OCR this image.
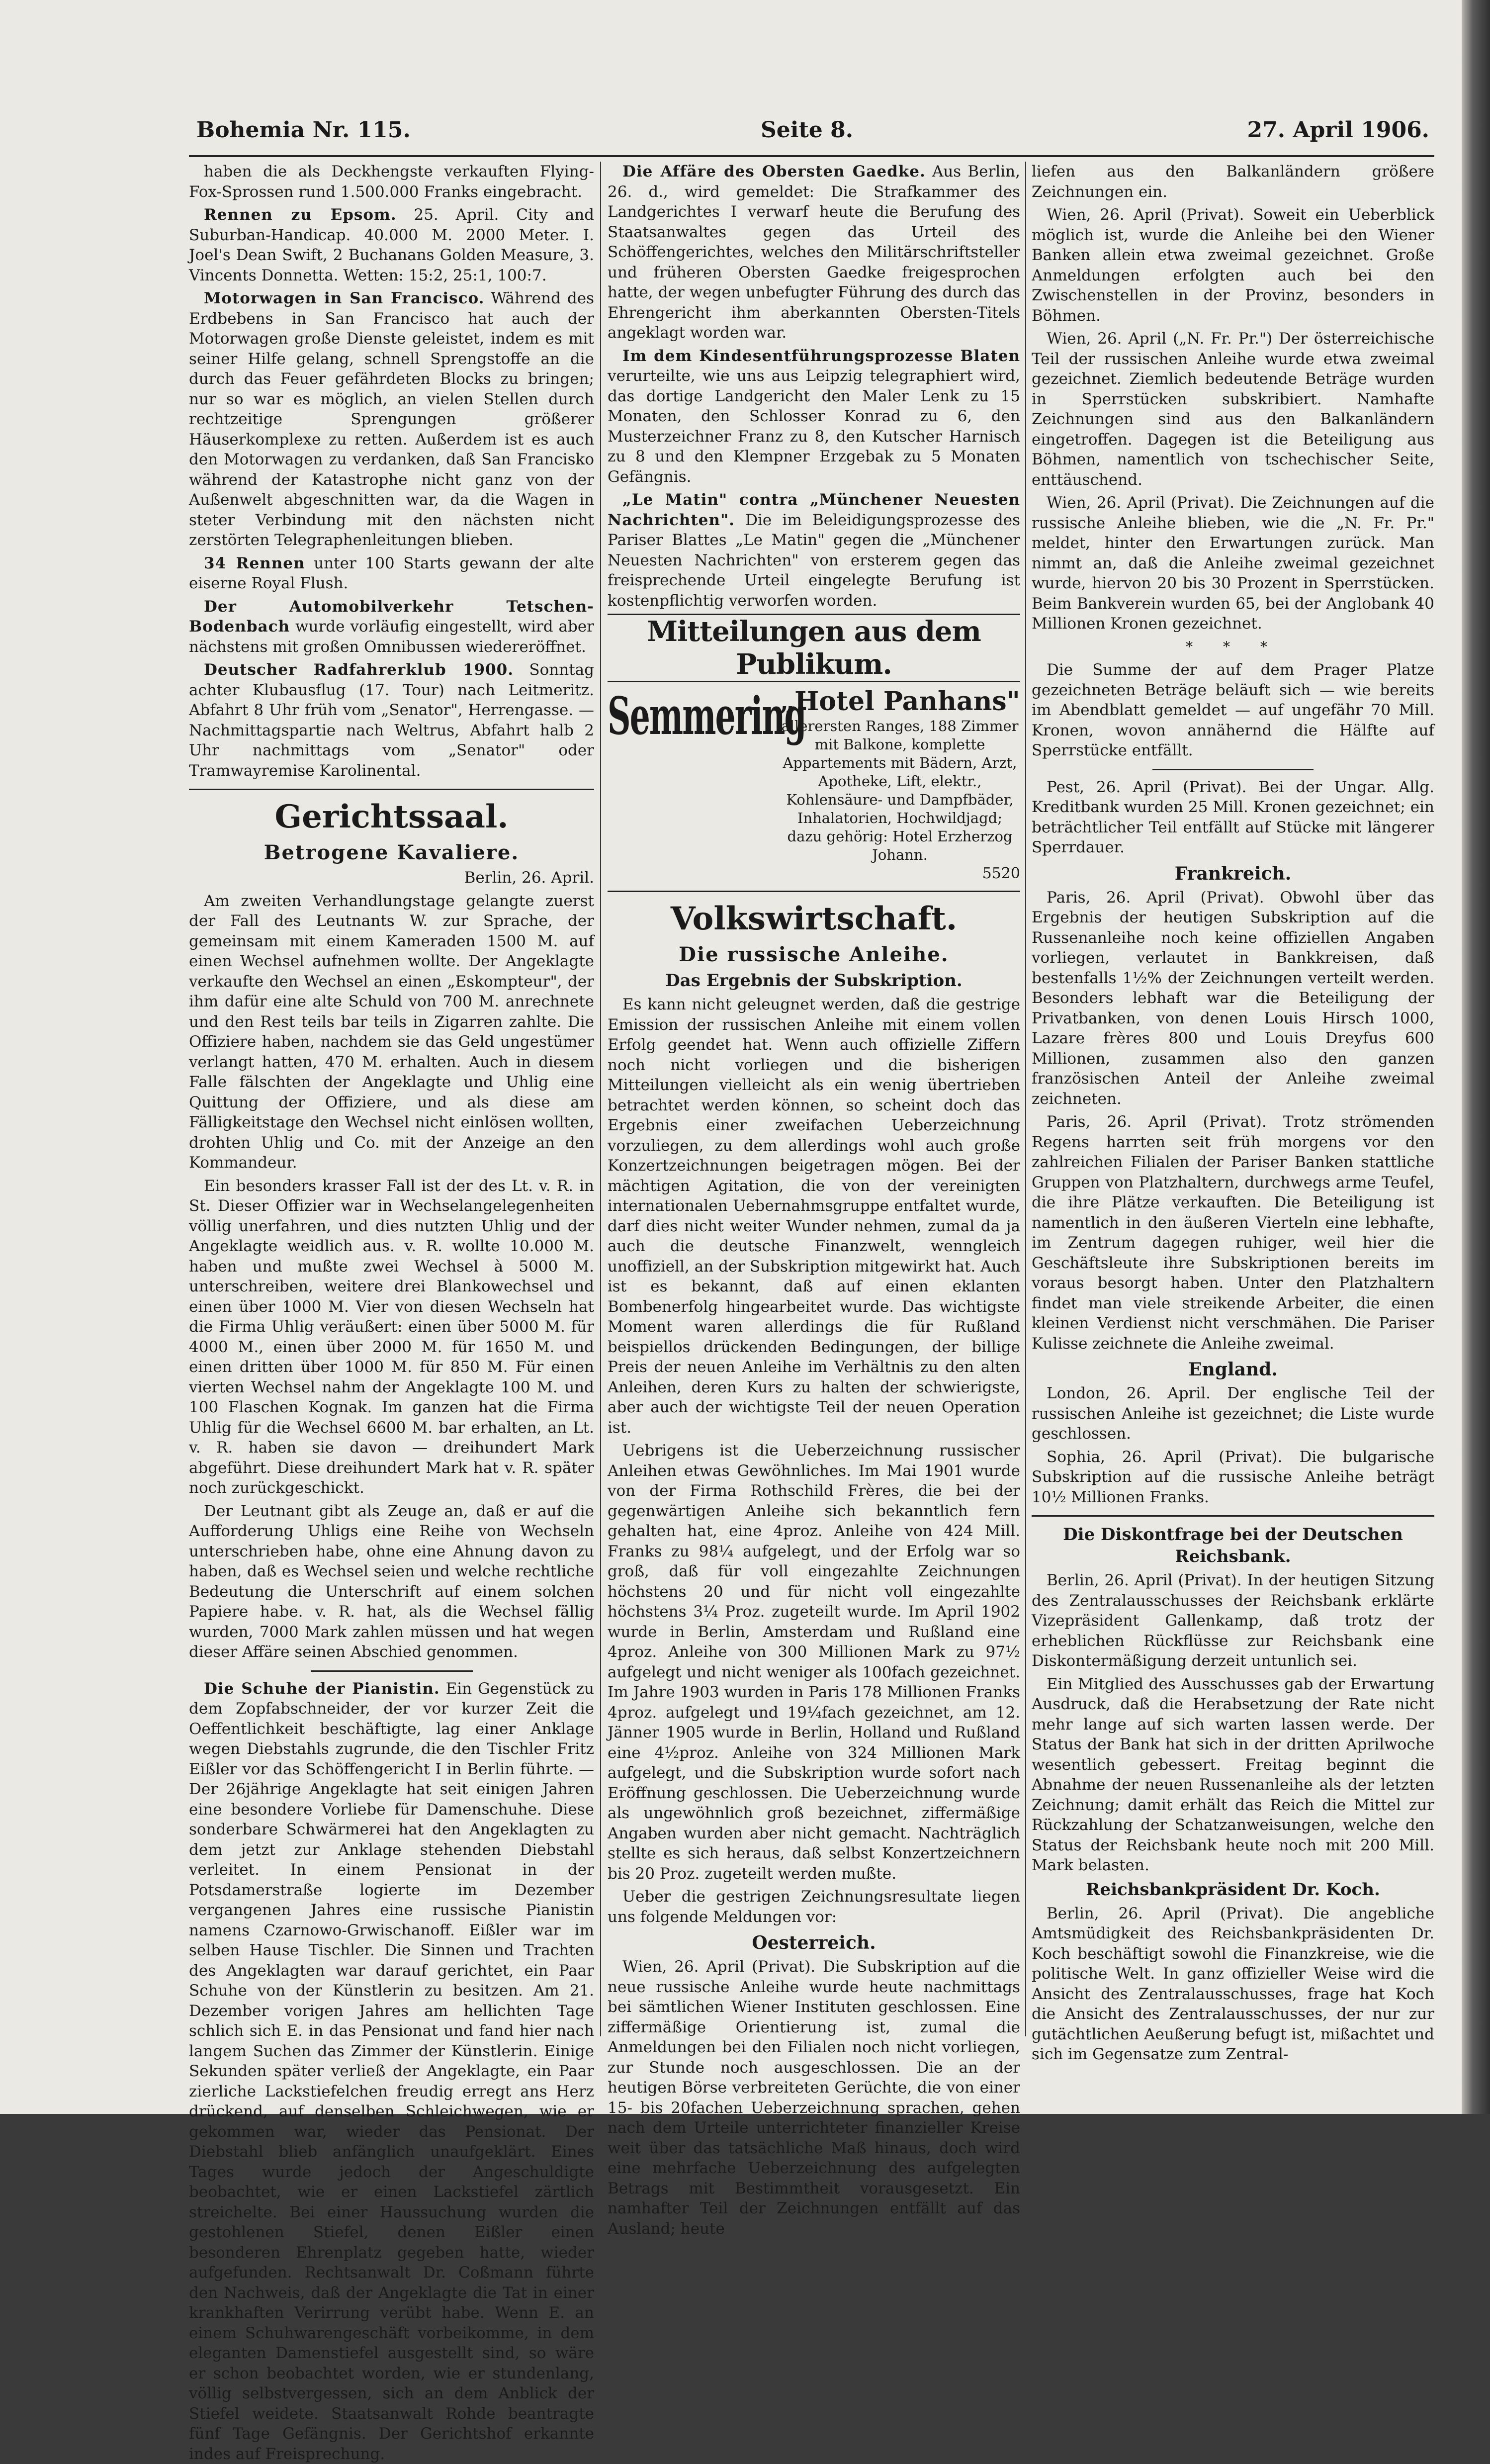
Bohemia Nr. 115.	Seite 8.	27. April 1906.

haben die als Deckhengste verkauften Flying-Fox-Sprossen rund 1.500.000 Franks eingebracht.

Rennen zu Epsom. 25. April. City and Suburban-Handicap. 40.000 M. 2000 Meter. I. Joel's Dean Swift, 2 Buchanans Golden Measure, 3. Vincents Donnetta. Wetten: 15:2, 25:1, 100:7.

Motorwagen in San Francisco. Während des Erdbebens in San Francisco hat auch der Motorwagen große Dienste geleistet, indem es mit seiner Hilfe gelang, schnell Sprengstoffe an die durch das Feuer gefährdeten Blocks zu bringen; nur so war es möglich, an vielen Stellen durch rechtzeitige Sprengungen größerer Häuserkomplexe zu retten. Außerdem ist es auch den Motorwagen zu verdanken, daß San Francisko während der Katastrophe nicht ganz von der Außenwelt abgeschnitten war, da die Wagen in steter Verbindung mit den nächsten nicht zerstörten Telegraphenleitungen blieben.

34 Rennen unter 100 Starts gewann der alte eiserne Royal Flush.

Der Automobilverkehr Tetschen-Bodenbach wurde vorläufig eingestellt, wird aber nächstens mit großen Omnibussen wiedereröffnet.

Deutscher Radfahrerklub 1900. Sonntag achter Klubausflug (17. Tour) nach Leitmeritz. Abfahrt 8 Uhr früh vom „Senator", Herrengasse. — Nachmittagspartie nach Weltrus, Abfahrt halb 2 Uhr nachmittags vom „Senator" oder Tramwayremise Karolinental.

Gerichtssaal.
Betrogene Kavaliere.

Berlin, 26. April.

Am zweiten Verhandlungstage gelangte zuerst der Fall des Leutnants W. zur Sprache, der gemeinsam mit einem Kameraden 1500 M. auf einen Wechsel aufnehmen wollte. Der Angeklagte verkaufte den Wechsel an einen „Eskompteur", der ihm dafür eine alte Schuld von 700 M. anrechnete und den Rest teils bar teils in Zigarren zahlte. Die Offiziere haben, nachdem sie das Geld ungestümer verlangt hatten, 470 M. erhalten. Auch in diesem Falle fälschten der Angeklagte und Uhlig eine Quittung der Offiziere, und als diese am Fälligkeitstage den Wechsel nicht einlösen wollten, drohten Uhlig und Co. mit der Anzeige an den Kommandeur.

Ein besonders krasser Fall ist der des Lt. v. R. in St. Dieser Offizier war in Wechselangelegenheiten völlig unerfahren, und dies nutzten Uhlig und der Angeklagte weidlich aus. v. R. wollte 10.000 M. haben und mußte zwei Wechsel à 5000 M. unterschreiben, weitere drei Blankowechsel und einen über 1000 M. Vier von diesen Wechseln hat die Firma Uhlig veräußert: einen über 5000 M. für 4000 M., einen über 2000 M. für 1650 M. und einen dritten über 1000 M. für 850 M. Für einen vierten Wechsel nahm der Angeklagte 100 M. und 100 Flaschen Kognak. Im ganzen hat die Firma Uhlig für die Wechsel 6600 M. bar erhalten, an Lt. v. R. haben sie davon — dreihundert Mark abgeführt. Diese dreihundert Mark hat v. R. später noch zurückgeschickt.

Der Leutnant gibt als Zeuge an, daß er auf die Aufforderung Uhligs eine Reihe von Wechseln unterschrieben habe, ohne eine Ahnung davon zu haben, daß es Wechsel seien und welche rechtliche Bedeutung die Unterschrift auf einem solchen Papiere habe. v. R. hat, als die Wechsel fällig wurden, 7000 Mark zahlen müssen und hat wegen dieser Affäre seinen Abschied genommen.

Die Schuhe der Pianistin. Ein Gegenstück zu dem Zopfabschneider, der vor kurzer Zeit die Oeffentlichkeit beschäftigte, lag einer Anklage wegen Diebstahls zugrunde, die den Tischler Fritz Eißler vor das Schöffengericht I in Berlin führte. — Der 26jährige Angeklagte hat seit einigen Jahren eine besondere Vorliebe für Damenschuhe. Diese sonderbare Schwärmerei hat den Angeklagten zu dem jetzt zur Anklage stehenden Diebstahl verleitet. In einem Pensionat in der Potsdamerstraße logierte im Dezember vergangenen Jahres eine russische Pianistin namens Czarnowo-Grwischanoff. Eißler war im selben Hause Tischler. Die Sinnen und Trachten des Angeklagten war darauf gerichtet, ein Paar Schuhe von der Künstlerin zu besitzen. Am 21. Dezember vorigen Jahres am hellichten Tage schlich sich E. in das Pensionat und fand hier nach langem Suchen das Zimmer der Künstlerin. Einige Sekunden später verließ der Angeklagte, ein Paar zierliche Lackstiefelchen freudig erregt ans Herz drückend, auf denselben Schleichwegen, wie er gekommen war, wieder das Pensionat. Der Diebstahl blieb anfänglich unaufgeklärt. Eines Tages wurde jedoch der Angeschuldigte beobachtet, wie er einen Lackstiefel zärtlich streichelte. Bei einer Haussuchung wurden die gestohlenen Stiefel, denen Eißler einen besonderen Ehrenplatz gegeben hatte, wieder aufgefunden. Rechtsanwalt Dr. Coßmann führte den Nachweis, daß der Angeklagte die Tat in einer krankhaften Verirrung verübt habe. Wenn E. an einem Schuhwarengeschäft vorbeikomme, in dem eleganten Damenstiefel ausgestellt sind, so wäre er schon beobachtet worden, wie er stundenlang, völlig selbstvergessen, sich an dem Anblick der Stiefel weidete. Staatsanwalt Rohde beantragte fünf Tage Gefängnis. Der Gerichtshof erkannte indes auf Freisprechung.

Die Affäre des Obersten Gaedke. Aus Berlin, 26. d., wird gemeldet: Die Strafkammer des Landgerichtes I verwarf heute die Berufung des Staatsanwaltes gegen das Urteil des Schöffengerichtes, welches den Militärschriftsteller und früheren Obersten Gaedke freigesprochen hatte, der wegen unbefugter Führung des durch das Ehrengericht ihm aberkannten Obersten-Titels angeklagt worden war.

Im dem Kindesentführungsprozesse Blaten verurteilte, wie uns aus Leipzig telegraphiert wird, das dortige Landgericht den Maler Lenk zu 15 Monaten, den Schlosser Konrad zu 6, den Musterzeichner Franz zu 8, den Kutscher Harnisch zu 8 und den Klempner Erzgebak zu 5 Monaten Gefängnis.

„Le Matin" contra „Münchener Neuesten Nachrichten". Die im Beleidigungsprozesse des Pariser Blattes „Le Matin" gegen die „Münchener Neuesten Nachrichten" von ersterem gegen das freisprechende Urteil eingelegte Berufung ist kostenpflichtig verworfen worden.

Mitteilungen aus dem Publikum.
Semmering
„Hotel Panhans"
allerersten Ranges, 188 Zimmer mit Balkone, komplette Appartements mit Bädern, Arzt, Apotheke, Lift, elektr., Kohlensäure- und Dampfbäder, Inhalatorien, Hochwildjagd; dazu gehörig: Hotel Erzherzog Johann.
5520
Volkswirtschaft.
Die russische Anleihe.
Das Ergebnis der Subskription.

Es kann nicht geleugnet werden, daß die gestrige Emission der russischen Anleihe mit einem vollen Erfolg geendet hat. Wenn auch offizielle Ziffern noch nicht vorliegen und die bisherigen Mitteilungen vielleicht als ein wenig übertrieben betrachtet werden können, so scheint doch das Ergebnis einer zweifachen Ueberzeichnung vorzuliegen, zu dem allerdings wohl auch große Konzertzeichnungen beigetragen mögen. Bei der mächtigen Agitation, die von der vereinigten internationalen Uebernahmsgruppe entfaltet wurde, darf dies nicht weiter Wunder nehmen, zumal da ja auch die deutsche Finanzwelt, wenngleich unoffiziell, an der Subskription mitgewirkt hat. Auch ist es bekannt, daß auf einen eklanten Bombenerfolg hingearbeitet wurde. Das wichtigste Moment waren allerdings die für Rußland beispiellos drückenden Bedingungen, der billige Preis der neuen Anleihe im Verhältnis zu den alten Anleihen, deren Kurs zu halten der schwierigste, aber auch der wichtigste Teil der neuen Operation ist.

Uebrigens ist die Ueberzeichnung russischer Anleihen etwas Gewöhnliches. Im Mai 1901 wurde von der Firma Rothschild Frères, die bei der gegenwärtigen Anleihe sich bekanntlich fern gehalten hat, eine 4proz. Anleihe von 424 Mill. Franks zu 98¼ aufgelegt, und der Erfolg war so groß, daß für voll eingezahlte Zeichnungen höchstens 20 und für nicht voll eingezahlte höchstens 3¼ Proz. zugeteilt wurde. Im April 1902 wurde in Berlin, Amsterdam und Rußland eine 4proz. Anleihe von 300 Millionen Mark zu 97½ aufgelegt und nicht weniger als 100fach gezeichnet. Im Jahre 1903 wurden in Paris 178 Millionen Franks 4proz. aufgelegt und 19¼fach gezeichnet, am 12. Jänner 1905 wurde in Berlin, Holland und Rußland eine 4½proz. Anleihe von 324 Millionen Mark aufgelegt, und die Subskription wurde sofort nach Eröffnung geschlossen. Die Ueberzeichnung wurde als ungewöhnlich groß bezeichnet, ziffermäßige Angaben wurden aber nicht gemacht. Nachträglich stellte es sich heraus, daß selbst Konzertzeichnern bis 20 Proz. zugeteilt werden mußte.

Ueber die gestrigen Zeichnungsresultate liegen uns folgende Meldungen vor:

Oesterreich.

Wien, 26. April (Privat). Die Subskription auf die neue russische Anleihe wurde heute nachmittags bei sämtlichen Wiener Instituten geschlossen. Eine ziffermäßige Orientierung ist, zumal die Anmeldungen bei den Filialen noch nicht vorliegen, zur Stunde noch ausgeschlossen. Die an der heutigen Börse verbreiteten Gerüchte, die von einer 15- bis 20fachen Ueberzeichnung sprachen, gehen nach dem Urteile unterrichteter finanzieller Kreise weit über das tatsächliche Maß hinaus, doch wird eine mehrfache Ueberzeichnung des aufgelegten Betrags mit Bestimmtheit vorausgesetzt. Ein namhafter Teil der Zeichnungen entfällt auf das Ausland; heute

liefen aus den Balkanländern größere Zeichnungen ein.

Wien, 26. April (Privat). Soweit ein Ueberblick möglich ist, wurde die Anleihe bei den Wiener Banken allein etwa zweimal gezeichnet. Große Anmeldungen erfolgten auch bei den Zwischenstellen in der Provinz, besonders in Böhmen.

Wien, 26. April („N. Fr. Pr.") Der österreichische Teil der russischen Anleihe wurde etwa zweimal gezeichnet. Ziemlich bedeutende Beträge wurden in Sperrstücken subskribiert. Namhafte Zeichnungen sind aus den Balkanländern eingetroffen. Dagegen ist die Beteiligung aus Böhmen, namentlich von tschechischer Seite, enttäuschend.

Wien, 26. April (Privat). Die Zeichnungen auf die russische Anleihe blieben, wie die „N. Fr. Pr." meldet, hinter den Erwartungen zurück. Man nimmt an, daß die Anleihe zweimal gezeichnet wurde, hiervon 20 bis 30 Prozent in Sperrstücken. Beim Bankverein wurden 65, bei der Anglobank 40 Millionen Kronen gezeichnet.

* * *

Die Summe der auf dem Prager Platze gezeichneten Beträge beläuft sich — wie bereits im Abendblatt gemeldet — auf ungefähr 70 Mill. Kronen, wovon annähernd die Hälfte auf Sperrstücke entfällt.

Pest, 26. April (Privat). Bei der Ungar. Allg. Kreditbank wurden 25 Mill. Kronen gezeichnet; ein beträchtlicher Teil entfällt auf Stücke mit längerer Sperrdauer.

Frankreich.

Paris, 26. April (Privat). Obwohl über das Ergebnis der heutigen Subskription auf die Russenanleihe noch keine offiziellen Angaben vorliegen, verlautet in Bankkreisen, daß bestenfalls 1½% der Zeichnungen verteilt werden. Besonders lebhaft war die Beteiligung der Privatbanken, von denen Louis Hirsch 1000, Lazare frères 800 und Louis Dreyfus 600 Millionen, zusammen also den ganzen französischen Anteil der Anleihe zweimal zeichneten.

Paris, 26. April (Privat). Trotz strömenden Regens harrten seit früh morgens vor den zahlreichen Filialen der Pariser Banken stattliche Gruppen von Platzhaltern, durchwegs arme Teufel, die ihre Plätze verkauften. Die Beteiligung ist namentlich in den äußeren Vierteln eine lebhafte, im Zentrum dagegen ruhiger, weil hier die Geschäftsleute ihre Subskriptionen bereits im voraus besorgt haben. Unter den Platzhaltern findet man viele streikende Arbeiter, die einen kleinen Verdienst nicht verschmähen. Die Pariser Kulisse zeichnete die Anleihe zweimal.

England.

London, 26. April. Der englische Teil der russischen Anleihe ist gezeichnet; die Liste wurde geschlossen.

Sophia, 26. April (Privat). Die bulgarische Subskription auf die russische Anleihe beträgt 10½ Millionen Franks.

Die Diskontfrage bei der Deutschen Reichsbank.

Berlin, 26. April (Privat). In der heutigen Sitzung des Zentralausschusses der Reichsbank erklärte Vizepräsident Gallenkamp, daß trotz der erheblichen Rückflüsse zur Reichsbank eine Diskontermäßigung derzeit untunlich sei.

Ein Mitglied des Ausschusses gab der Erwartung Ausdruck, daß die Herabsetzung der Rate nicht mehr lange auf sich warten lassen werde. Der Status der Bank hat sich in der dritten Aprilwoche wesentlich gebessert. Freitag beginnt die Abnahme der neuen Russenanleihe als der letzten Zeichnung; damit erhält das Reich die Mittel zur Rückzahlung der Schatzanweisungen, welche den Status der Reichsbank heute noch mit 200 Mill. Mark belasten.

Reichsbankpräsident Dr. Koch.

Berlin, 26. April (Privat). Die angebliche Amtsmüdigkeit des Reichsbankpräsidenten Dr. Koch beschäftigt sowohl die Finanzkreise, wie die politische Welt. In ganz offizieller Weise wird die Ansicht des Zentralausschusses, frage hat Koch die Ansicht des Zentralausschusses, der nur zur gutächtlichen Aeußerung befugt ist, mißachtet und sich im Gegensatze zum Zentral-
